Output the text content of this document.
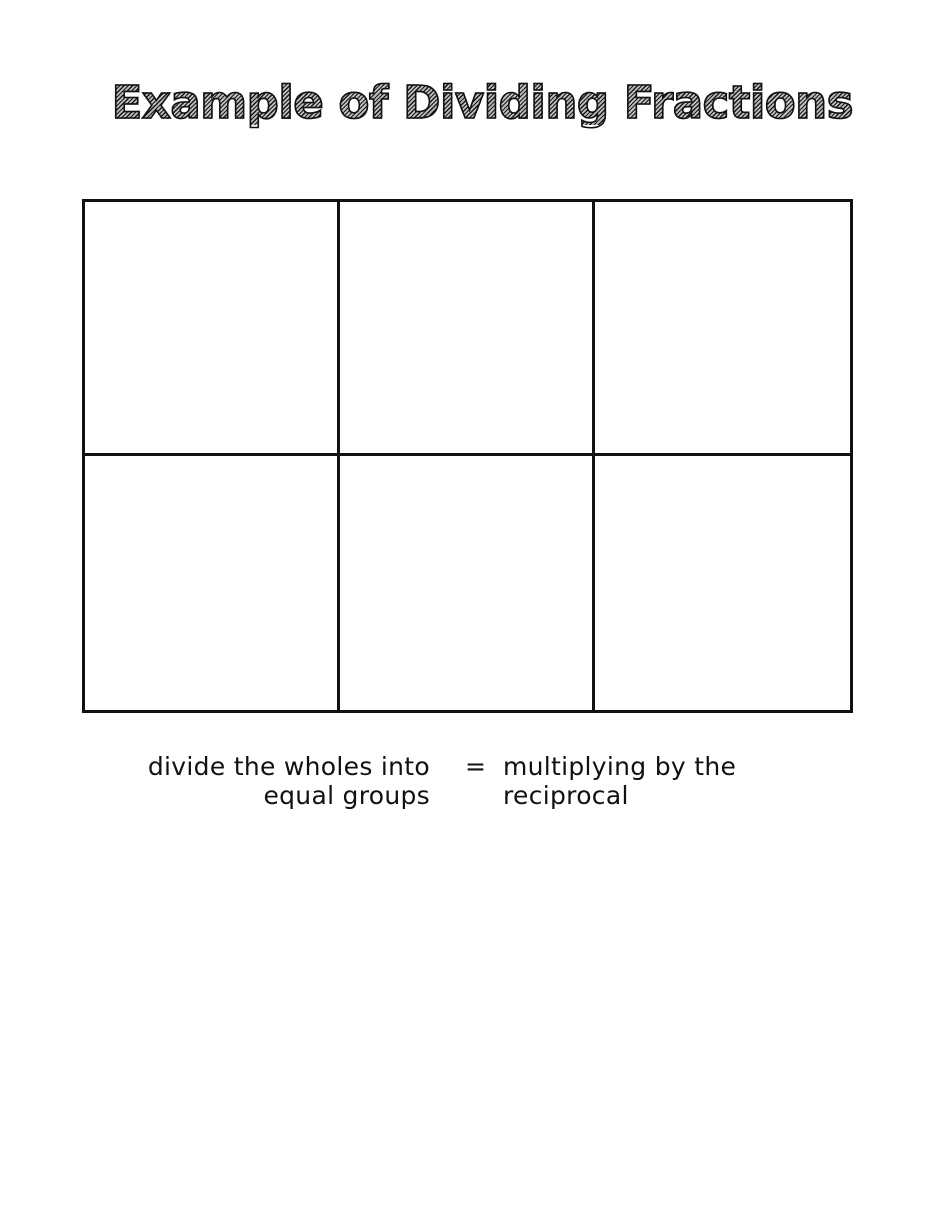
Example of Dividing Fractions
divide the wholes into
equal groups
= multiplying by the
reciprocal
